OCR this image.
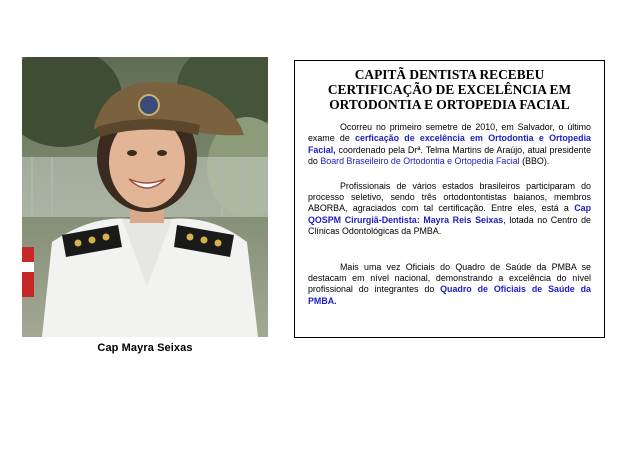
Cap Mayra Seixas
CAPITÃ DENTISTA RECEBEU CERTIFICAÇÃO DE EXCELÊNCIA EM ORTODONTIA E ORTOPEDIA FACIAL

Ocorreu no primeiro semetre de 2010, em Salvador, o último exame de cerficação de excelência em Ortodontia e Ortopedia Facial, coordenado pela Drª. Telma Martins de Araújo, atual presidente do Board Braseileiro de Ortodontia e Ortopedia Facial (BBO).

Profissionais de vários estados brasileiros participaram do processo seletivo, sendo três ortodontontistas baianos, membros ABORBA, agraciados com tal certificação. Entre eles, está a Cap QOSPM Cirurgiã-Dentista: Mayra Reis Seixas, lotada no Centro de Clínicas Odontológicas da PMBA.

Mais uma vez Oficiais do Quadro de Saúde da PMBA se destacam em nível nacional, demonstrando a excelência do nível profissional do integrantes do Quadro de Oficiais de Saúde da PMBA.
